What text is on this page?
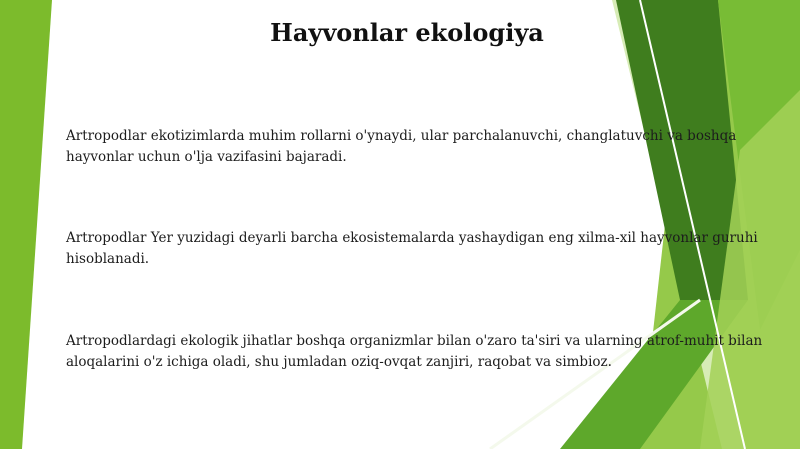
Hayvonlar ekologiya

Artropodlar ekotizimlarda muhim rollarni o'ynaydi, ular parchalanuvchi, changlatuvchi va boshqa hayvonlar uchun o'lja vazifasini bajaradi.

Artropodlar Yer yuzidagi deyarli barcha ekosistemalarda yashaydigan eng xilma-xil hayvonlar guruhi hisoblanadi.

Artropodlardagi ekologik jihatlar boshqa organizmlar bilan o'zaro ta'siri va ularning atrof-muhit bilan aloqalarini o'z ichiga oladi, shu jumladan oziq-ovqat zanjiri, raqobat va simbioz.
